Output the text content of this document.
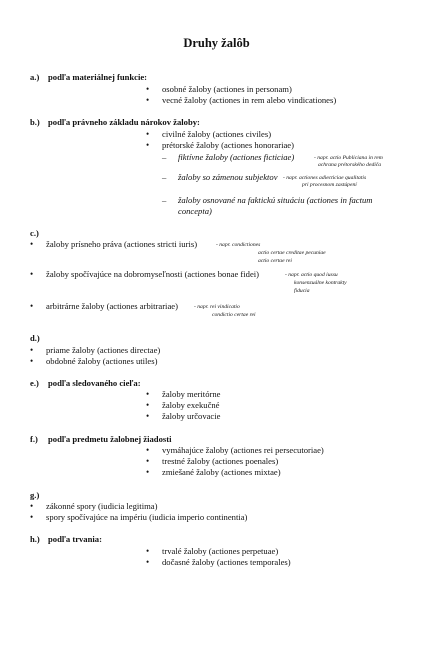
Druhy žalôb
a.) podľa materiálnej funkcie:
• osobné žaloby (actiones in personam)
• vecné žaloby (actiones in rem alebo vindicationes)
b.) podľa právneho základu nárokov žaloby:
• civilné žaloby (actiones civiles)
• prétorské žaloby (actiones honorariae)
– fiktívne žaloby (actiones ficticiae)	- napr. actio Publiciana in rem
achrana prétorského dediča
– žaloby so zámenou subjektov - napr. actiones adiecticiae qualitatis
pri procesnom zastúpení
– žaloby osnované na faktickú situáciu (actiones in factum
concepta)
c.)
• žaloby prísneho práva (actiones stricti iuris)	- napr. condictiones
actio certae creditae pecuniae
actio certae rei
• žaloby spočívajúce na dobromyseľnosti (actiones bonae fidei)	- napr. actio quod iussu
konsenzuálne kontrakty
fiducia
• arbitrárne žaloby (actiones arbitrariae)	- napr. rei vindicatio
condictio certae rei
d.)
• priame žaloby (actiones directae)
• obdobné žaloby (actiones utiles)
e.) podľa sledovaného cieľa:
• žaloby meritórne
• žaloby exekučné
• žaloby určovacie
f.) podľa predmetu žalobnej žiadosti
• vymáhajúce žaloby (actiones rei persecutoriae)
• trestné žaloby (actiones poenales)
• zmiešané žaloby (actiones mixtae)
g.)
• zákonné spory (iudicia legitima)
• spory spočívajúce na impériu (iudicia imperio continentia)
h.) podľa trvania:
• trvalé žaloby (actiones perpetuae)
• dočasné žaloby (actiones temporales)
